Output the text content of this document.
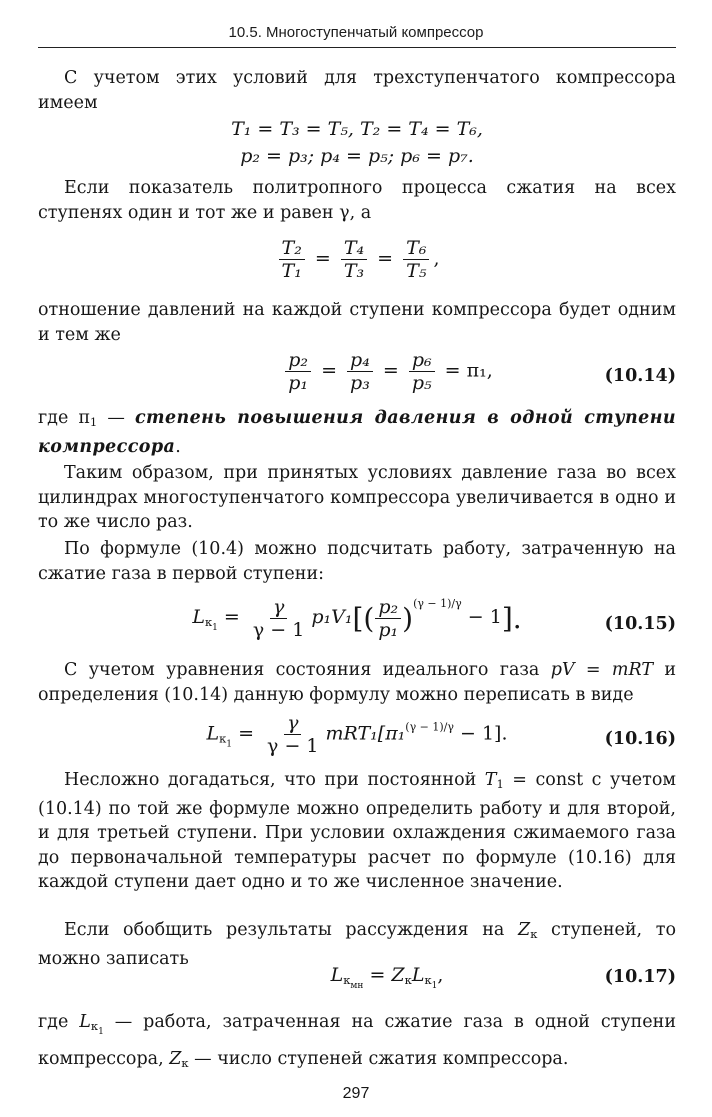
10.5. Многоступенчатый компрессор

С учетом этих условий для трехступенчатого компрессора имеем

T₁ = T₃ = T₅, T₂ = T₄ = T₆,
p₂ = p₃; p₄ = p₅; p₆ = p₇.

Если показатель политропного процесса сжатия на всех ступенях один и тот же и равен γ, а

$\frac{\text{T₂}}{\text{T₁}} = \frac{\text{T₄}}{\text{T₃}} = \frac{\text{T₆}}{\text{T₅}}$ ,

отношение давлений на каждой ступени компрессора будет одним и тем же

$\frac{\text{p₂}}{\text{p₁}} = \frac{\text{p₄}}{\text{p₃}} = \frac{\text{p₆}}{\text{p₅}} = \pi_1$,	(10.14)

где $\pi_1$ — степень повышения давления в одной ступени компрессора.

Таким образом, при принятых условиях давление газа во всех цилиндрах многоступенчатого компрессора увеличивается в одно и то же число раз.

По формуле (10.4) можно подсчитать работу, затраченную на сжатие газа в первой ступени:

$L_{к1} = \frac{\gamma}{\gamma - 1} p_1V_1[( \frac{\text{p₂}}{\text{p₁}} )^{(\gamma - 1)/\gamma} - 1]$.	(10.15)

С учетом уравнения состояния идеального газа pV = mRT и определения (10.14) данную формулу можно переписать в виде

$L_{к1} = \frac{\gamma}{\gamma - 1} mRT_1[\pi_1^{(\gamma - 1)/\gamma} - 1]$.	(10.16)

Несложно догадаться, что при постоянной $T_1$ = const с учетом (10.14) по той же формуле можно определить работу и для второй, и для третьей ступени. При условии охлаждения сжимаемого газа до первоначальной температуры расчет по формуле (10.16) для каждой ступени дает одно и то же численное значение.

Если обобщить результаты рассуждения на $Z_к$ ступеней, то можно записать

$L_{кмн} = Z_кL_{к1}$,	(10.17)

где $L_{к1}$ — работа, затраченная на сжатие газа в одной ступени компрессора, $Z_к$ — число ступеней сжатия компрессора.

297
